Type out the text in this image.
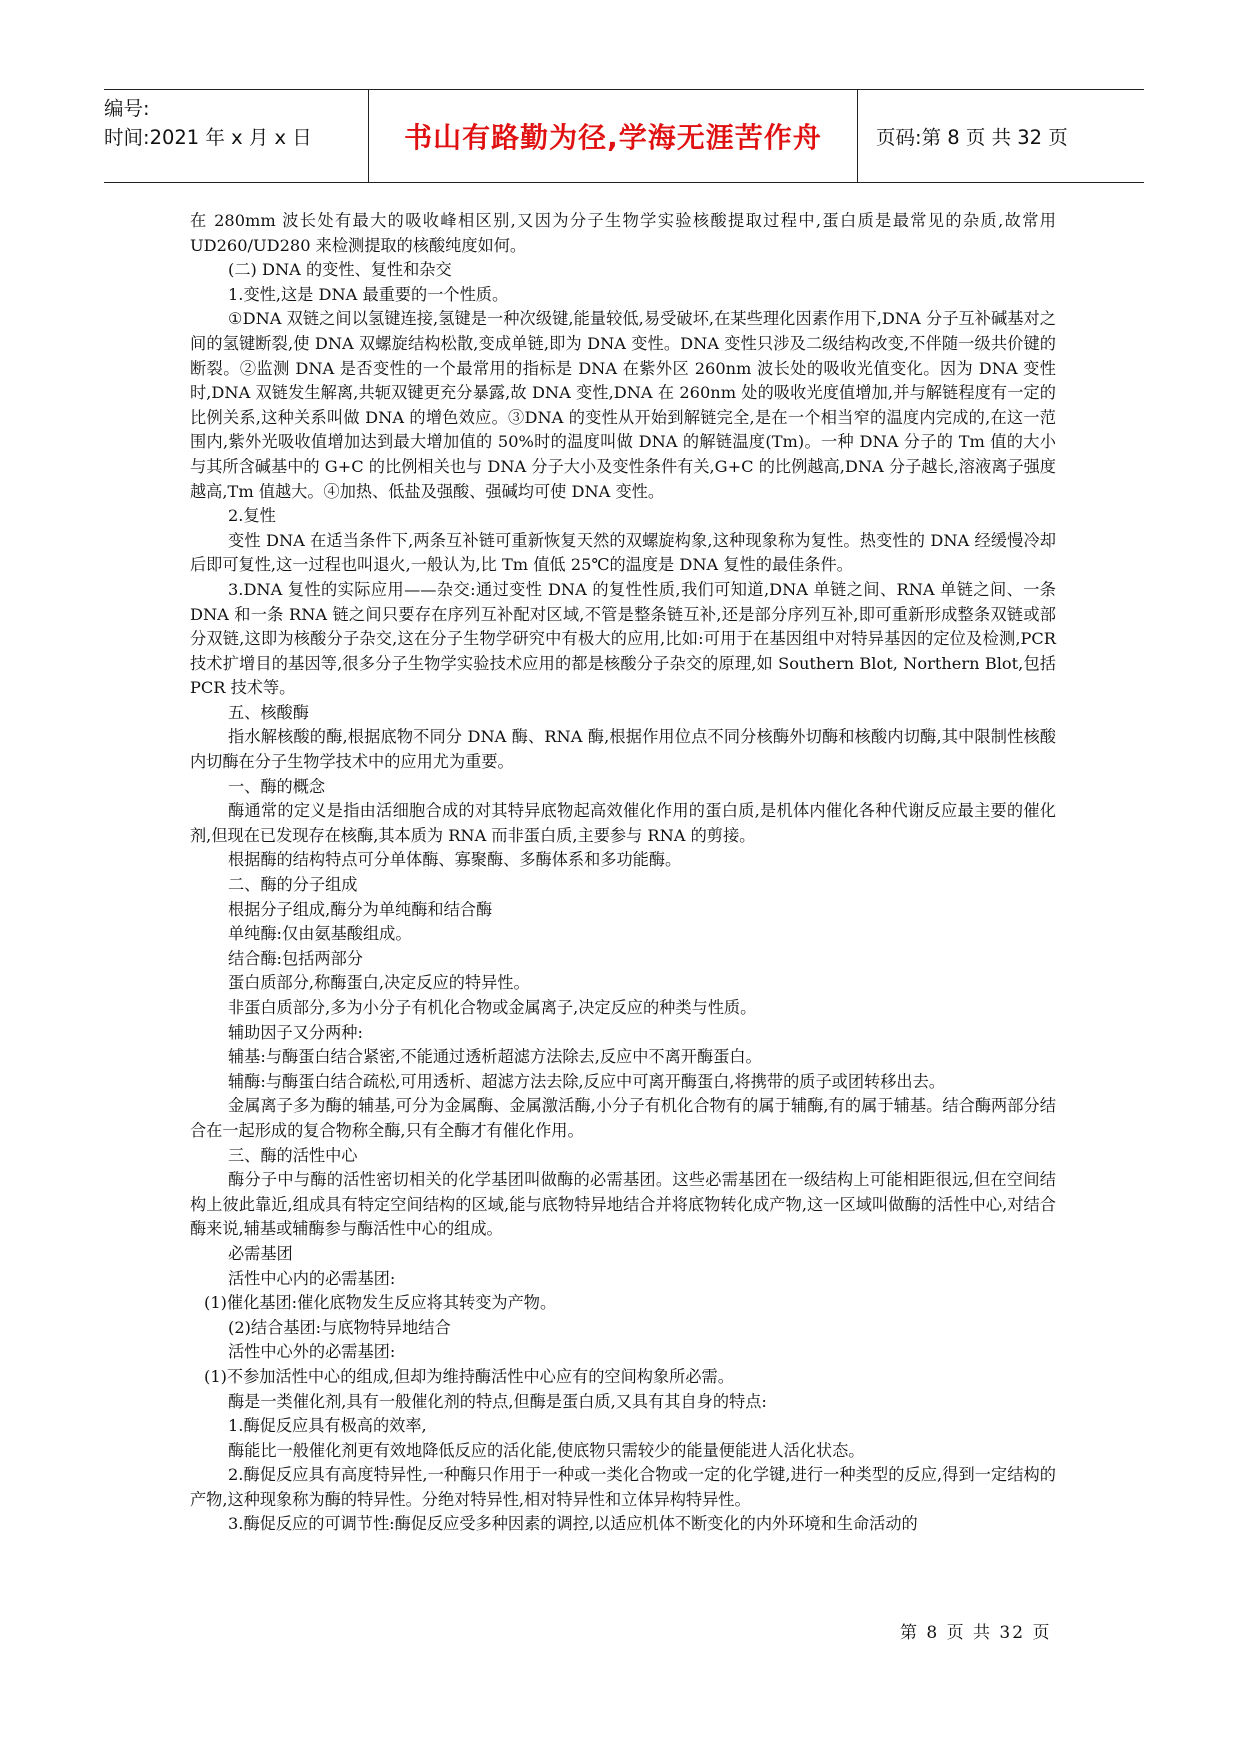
编号:
时间:2021 年 x 月 x 日	书山有路勤为径,学海无涯苦作舟	页码:第 8 页 共 32 页

在 280mm 波长处有最大的吸收峰相区别,又因为分子生物学实验核酸提取过程中,蛋白质是最常见的杂质,故常用 UD260/UD280 来检测提取的核酸纯度如何。

(二) DNA 的变性、复性和杂交

1.变性,这是 DNA 最重要的一个性质。

①DNA 双链之间以氢键连接,氢键是一种次级键,能量较低,易受破坏,在某些理化因素作用下,DNA 分子互补碱基对之间的氢键断裂,使 DNA 双螺旋结构松散,变成单链,即为 DNA 变性。DNA 变性只涉及二级结构改变,不伴随一级共价键的断裂。②监测 DNA 是否变性的一个最常用的指标是 DNA 在紫外区 260nm 波长处的吸收光值变化。因为 DNA 变性时,DNA 双链发生解离,共轭双键更充分暴露,故 DNA 变性,DNA 在 260nm 处的吸收光度值增加,并与解链程度有一定的比例关系,这种关系叫做 DNA 的增色效应。③DNA 的变性从开始到解链完全,是在一个相当窄的温度内完成的,在这一范围内,紫外光吸收值增加达到最大增加值的 50%时的温度叫做 DNA 的解链温度(Tm)。一种 DNA 分子的 Tm 值的大小与其所含碱基中的 G+C 的比例相关也与 DNA 分子大小及变性条件有关,G+C 的比例越高,DNA 分子越长,溶液离子强度越高,Tm 值越大。④加热、低盐及强酸、强碱均可使 DNA 变性。

2.复性

变性 DNA 在适当条件下,两条互补链可重新恢复天然的双螺旋构象,这种现象称为复性。热变性的 DNA 经缓慢冷却后即可复性,这一过程也叫退火,一般认为,比 Tm 值低 25℃的温度是 DNA 复性的最佳条件。

3.DNA 复性的实际应用——杂交:通过变性 DNA 的复性性质,我们可知道,DNA 单链之间、RNA 单链之间、一条 DNA 和一条 RNA 链之间只要存在序列互补配对区域,不管是整条链互补,还是部分序列互补,即可重新形成整条双链或部分双链,这即为核酸分子杂交,这在分子生物学研究中有极大的应用,比如:可用于在基因组中对特异基因的定位及检测,PCR 技术扩增目的基因等,很多分子生物学实验技术应用的都是核酸分子杂交的原理,如 Southern Blot, Northern Blot,包括 PCR 技术等。

五、核酸酶

指水解核酸的酶,根据底物不同分 DNA 酶、RNA 酶,根据作用位点不同分核酶外切酶和核酸内切酶,其中限制性核酸内切酶在分子生物学技术中的应用尤为重要。

一、酶的概念

酶通常的定义是指由活细胞合成的对其特异底物起高效催化作用的蛋白质,是机体内催化各种代谢反应最主要的催化剂,但现在已发现存在核酶,其本质为 RNA 而非蛋白质,主要参与 RNA 的剪接。

根据酶的结构特点可分单体酶、寡聚酶、多酶体系和多功能酶。

二、酶的分子组成

根据分子组成,酶分为单纯酶和结合酶

单纯酶:仅由氨基酸组成。

结合酶:包括两部分

蛋白质部分,称酶蛋白,决定反应的特异性。

非蛋白质部分,多为小分子有机化合物或金属离子,决定反应的种类与性质。

辅助因子又分两种:

辅基:与酶蛋白结合紧密,不能通过透析超滤方法除去,反应中不离开酶蛋白。

辅酶:与酶蛋白结合疏松,可用透析、超滤方法去除,反应中可离开酶蛋白,将携带的质子或团转移出去。

金属离子多为酶的辅基,可分为金属酶、金属激活酶,小分子有机化合物有的属于辅酶,有的属于辅基。结合酶两部分结合在一起形成的复合物称全酶,只有全酶才有催化作用。

三、酶的活性中心

酶分子中与酶的活性密切相关的化学基团叫做酶的必需基团。这些必需基团在一级结构上可能相距很远,但在空间结构上彼此靠近,组成具有特定空间结构的区域,能与底物特异地结合并将底物转化成产物,这一区域叫做酶的活性中心,对结合酶来说,辅基或辅酶参与酶活性中心的组成。

必需基团

活性中心内的必需基团:

(1)催化基团:催化底物发生反应将其转变为产物。

(2)结合基团:与底物特异地结合

活性中心外的必需基团:

(1)不参加活性中心的组成,但却为维持酶活性中心应有的空间构象所必需。

酶是一类催化剂,具有一般催化剂的特点,但酶是蛋白质,又具有其自身的特点:

1.酶促反应具有极高的效率,

酶能比一般催化剂更有效地降低反应的活化能,使底物只需较少的能量便能进人活化状态。

2.酶促反应具有高度特异性,一种酶只作用于一种或一类化合物或一定的化学键,进行一种类型的反应,得到一定结构的产物,这种现象称为酶的特异性。分绝对特异性,相对特异性和立体异构特异性。

3.酶促反应的可调节性:酶促反应受多种因素的调控,以适应机体不断变化的内外环境和生命活动的

第 8 页 共 32 页
